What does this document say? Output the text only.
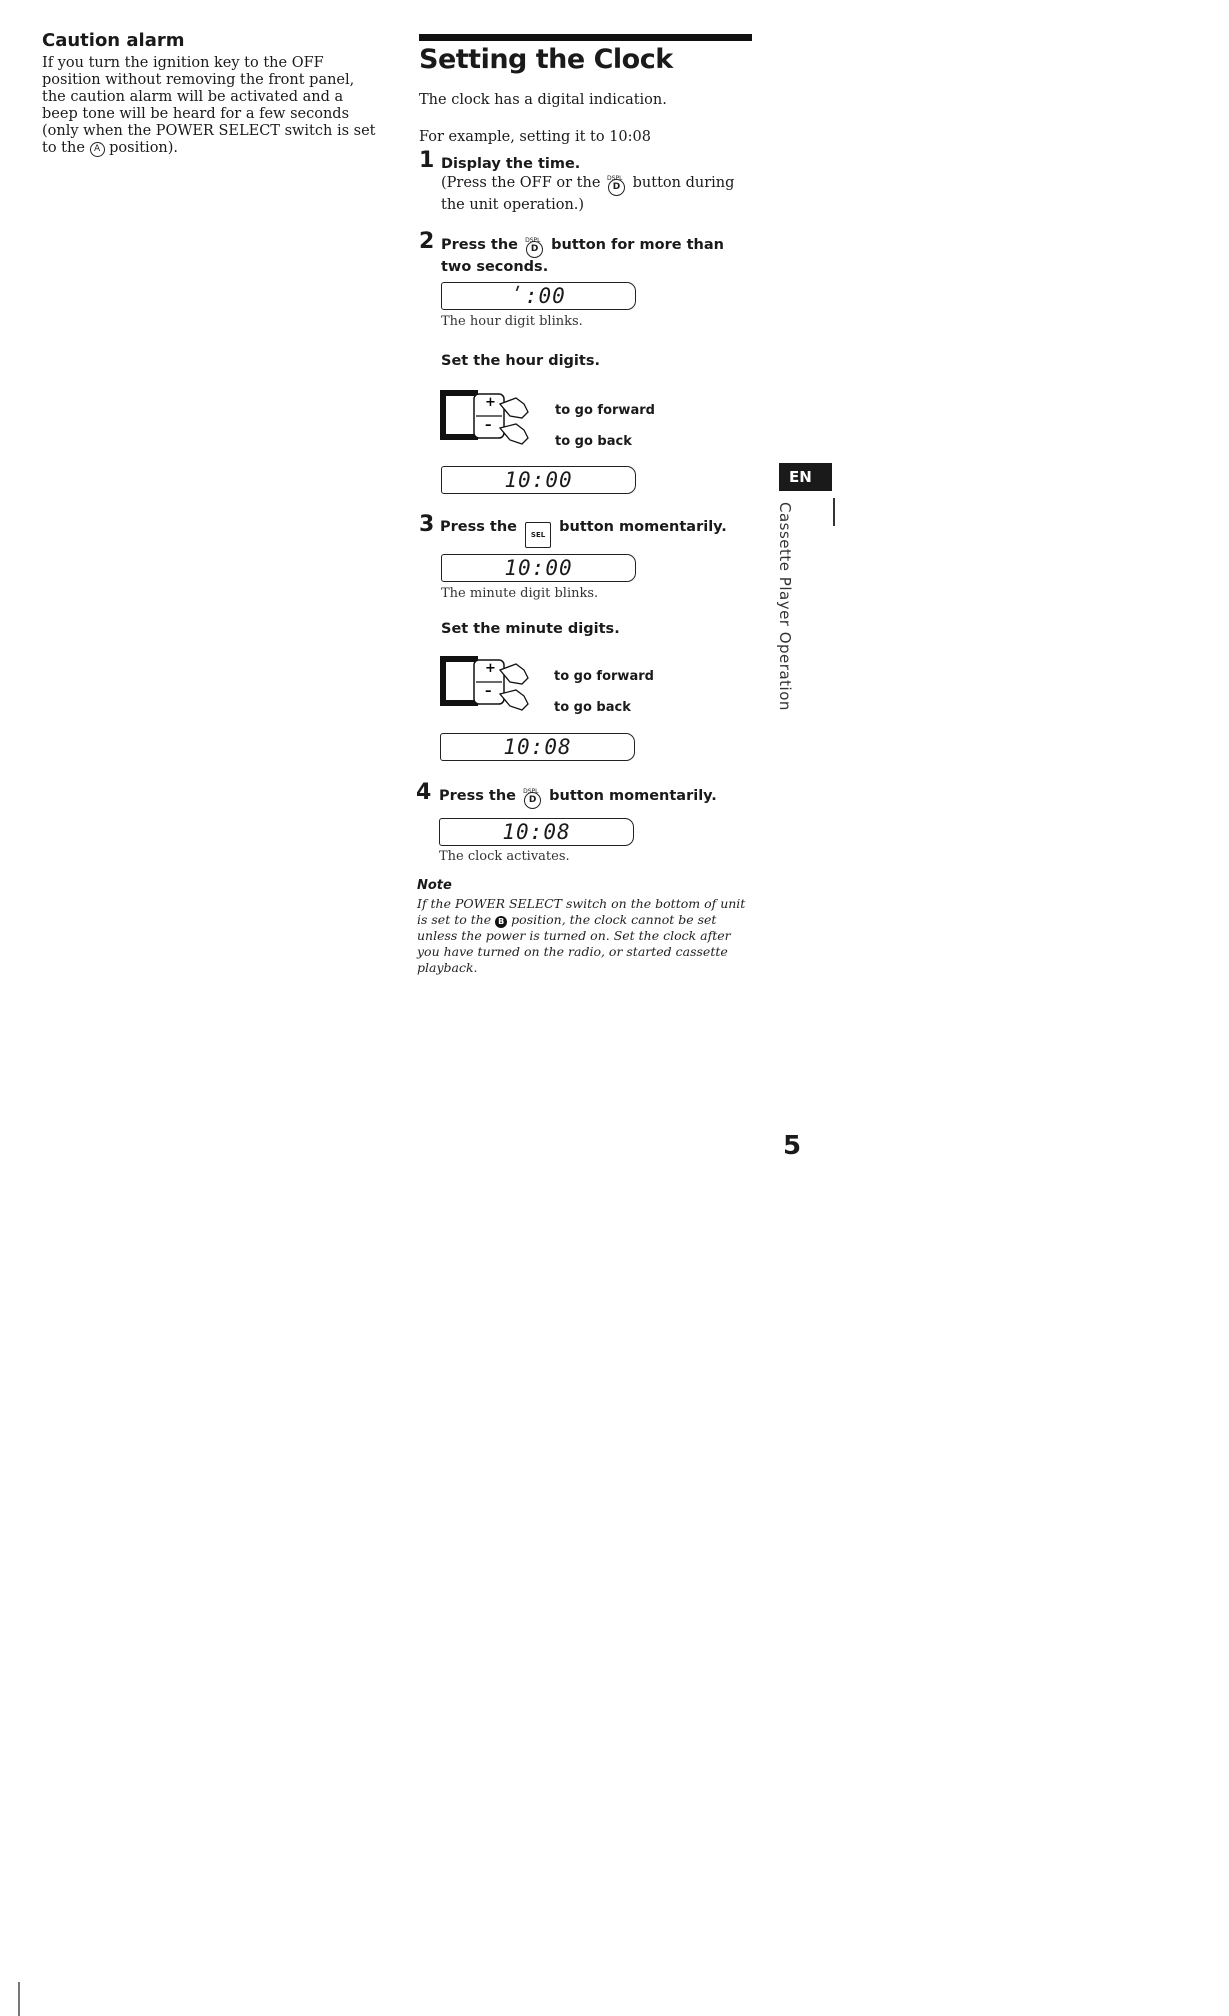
Caution alarm
If you turn the ignition key to the OFF position without removing the front panel, the caution alarm will be activated and a beep tone will be heard for a few seconds (only when the POWER SELECT switch is set to the A position).
Setting the Clock
The clock has a digital indication.
For example, setting it to 10:08
1 Display the time.
(Press the OFF or the DSPL
D button during the unit operation.)
2 Press the DSPL
D button for more than two seconds.
ʹ:00
The hour digit blinks.
Set the hour digits.
+
–
to go forward
to go back
10:00
3 Press the SEL button momentarily.
10:00
The minute digit blinks.
Set the minute digits.
+
–
to go forward
to go back
10:08
4 Press the DSPL
D button momentarily.
10:08
The clock activates.
Note
If the POWER SELECT switch on the bottom of unit is set to the B position, the clock cannot be set unless the power is turned on. Set the clock after you have turned on the radio, or started cassette playback.
EN
Cassette Player Operation
5
